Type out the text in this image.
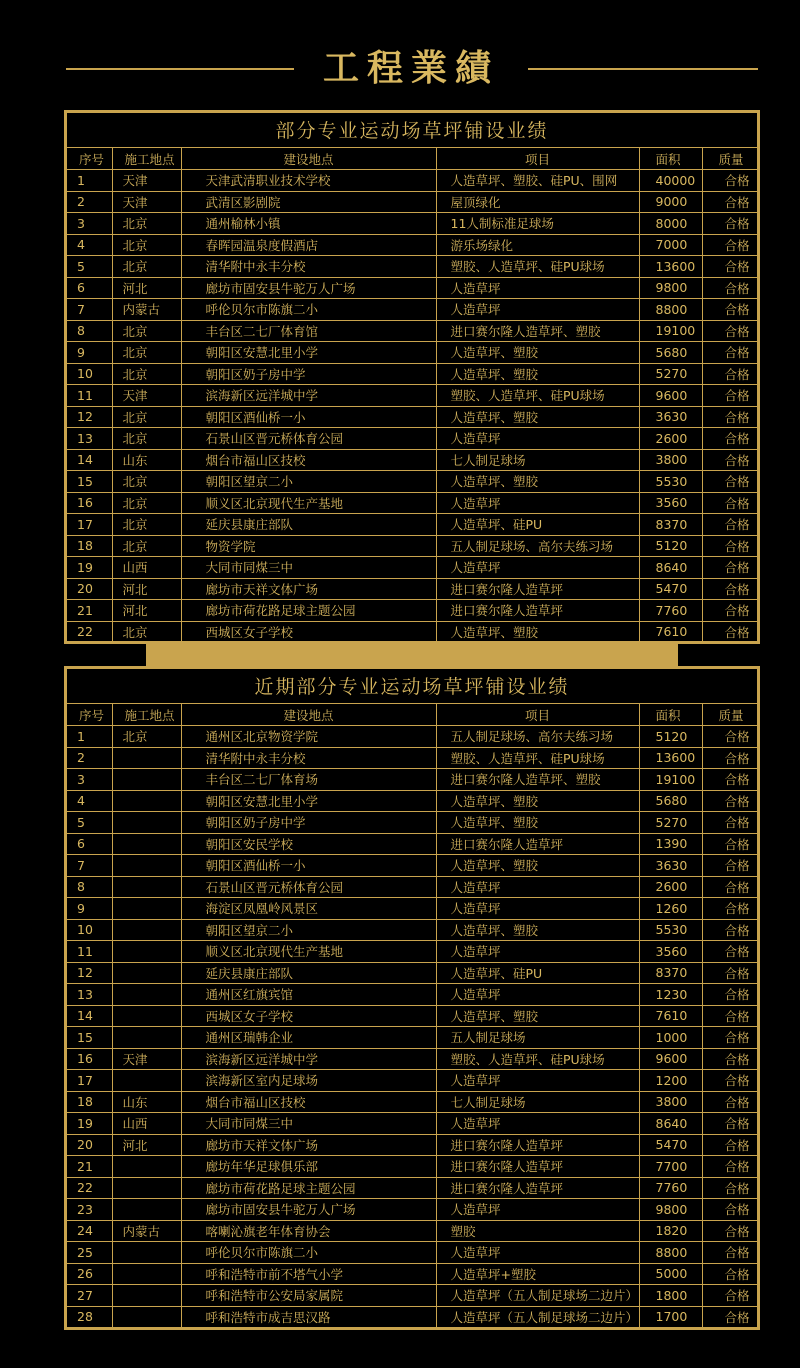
工程業績
部分专业运动场草坪铺设业绩
序号	施工地点	建设地点	项目	面积	质量
1	天津	天津武清职业技术学校	人造草坪、塑胶、硅PU、围网	40000	合格
2	天津	武清区影剧院	屋顶绿化	9000	合格
3	北京	通州榆林小镇	11人制标准足球场	8000	合格
4	北京	春晖园温泉度假酒店	游乐场绿化	7000	合格
5	北京	清华附中永丰分校	塑胶、人造草坪、硅PU球场	13600	合格
6	河北	廊坊市固安县牛驼万人广场	人造草坪	9800	合格
7	内蒙古	呼伦贝尔市陈旗二小	人造草坪	8800	合格
8	北京	丰台区二七厂体育馆	进口赛尔隆人造草坪、塑胶	19100	合格
9	北京	朝阳区安慧北里小学	人造草坪、塑胶	5680	合格
10	北京	朝阳区奶子房中学	人造草坪、塑胶	5270	合格
11	天津	滨海新区远洋城中学	塑胶、人造草坪、硅PU球场	9600	合格
12	北京	朝阳区酒仙桥一小	人造草坪、塑胶	3630	合格
13	北京	石景山区晋元桥体育公园	人造草坪	2600	合格
14	山东	烟台市福山区技校	七人制足球场	3800	合格
15	北京	朝阳区望京二小	人造草坪、塑胶	5530	合格
16	北京	顺义区北京现代生产基地	人造草坪	3560	合格
17	北京	延庆县康庄部队	人造草坪、硅PU	8370	合格
18	北京	物资学院	五人制足球场、高尔夫练习场	5120	合格
19	山西	大同市同煤三中	人造草坪	8640	合格
20	河北	廊坊市天祥文体广场	进口赛尔隆人造草坪	5470	合格
21	河北	廊坊市荷花路足球主题公园	进口赛尔隆人造草坪	7760	合格
22	北京	西城区女子学校	人造草坪、塑胶	7610	合格
近期部分专业运动场草坪铺设业绩
序号	施工地点	建设地点	项目	面积	质量
1	北京	通州区北京物资学院	五人制足球场、高尔夫练习场	5120	合格
2		清华附中永丰分校	塑胶、人造草坪、硅PU球场	13600	合格
3		丰台区二七厂体育场	进口赛尔隆人造草坪、塑胶	19100	合格
4		朝阳区安慧北里小学	人造草坪、塑胶	5680	合格
5		朝阳区奶子房中学	人造草坪、塑胶	5270	合格
6		朝阳区安民学校	进口赛尔隆人造草坪	1390	合格
7		朝阳区酒仙桥一小	人造草坪、塑胶	3630	合格
8		石景山区晋元桥体育公园	人造草坪	2600	合格
9		海淀区凤凰岭风景区	人造草坪	1260	合格
10		朝阳区望京二小	人造草坪、塑胶	5530	合格
11		顺义区北京现代生产基地	人造草坪	3560	合格
12		延庆县康庄部队	人造草坪、硅PU	8370	合格
13		通州区红旗宾馆	人造草坪	1230	合格
14		西城区女子学校	人造草坪、塑胶	7610	合格
15		通州区瑞韩企业	五人制足球场	1000	合格
16	天津	滨海新区远洋城中学	塑胶、人造草坪、硅PU球场	9600	合格
17		滨海新区室内足球场	人造草坪	1200	合格
18	山东	烟台市福山区技校	七人制足球场	3800	合格
19	山西	大同市同煤三中	人造草坪	8640	合格
20	河北	廊坊市天祥文体广场	进口赛尔隆人造草坪	5470	合格
21		廊坊年华足球俱乐部	进口赛尔隆人造草坪	7700	合格
22		廊坊市荷花路足球主题公园	进口赛尔隆人造草坪	7760	合格
23		廊坊市固安县牛驼万人广场	人造草坪	9800	合格
24	内蒙古	喀喇沁旗老年体育协会	塑胶	1820	合格
25		呼伦贝尔市陈旗二小	人造草坪	8800	合格
26		呼和浩特市前不塔气小学	人造草坪+塑胶	5000	合格
27		呼和浩特市公安局家属院	人造草坪（五人制足球场二边片）	1800	合格
28		呼和浩特市成吉思汉路	人造草坪（五人制足球场二边片）	1700	合格
